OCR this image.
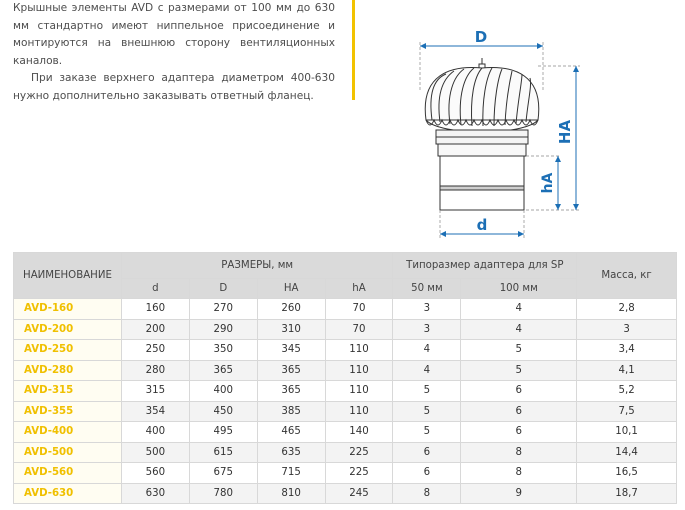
Крышные элементы AVD с размерами от 100 мм до 630 мм стандартно имеют ниппельное присоединение и монтируются на внешнюю сторону вентиляционных каналов.

При заказе верхнего адаптера диаметром 400-630 нужно дополнительно заказывать ответный фланец.

D
HA
hA
d
НАИМЕНОВАНИЕ	РАЗМЕРЫ, мм				Типоразмер адаптера для SP		Масса, кг
	d	D	HA	hA	50 мм	100 мм	
AVD-160	160	270	260	70	3	4	2,8
AVD-200	200	290	310	70	3	4	3
AVD-250	250	350	345	110	4	5	3,4
AVD-280	280	365	365	110	4	5	4,1
AVD-315	315	400	365	110	5	6	5,2
AVD-355	354	450	385	110	5	6	7,5
AVD-400	400	495	465	140	5	6	10,1
AVD-500	500	615	635	225	6	8	14,4
AVD-560	560	675	715	225	6	8	16,5
AVD-630	630	780	810	245	8	9	18,7
